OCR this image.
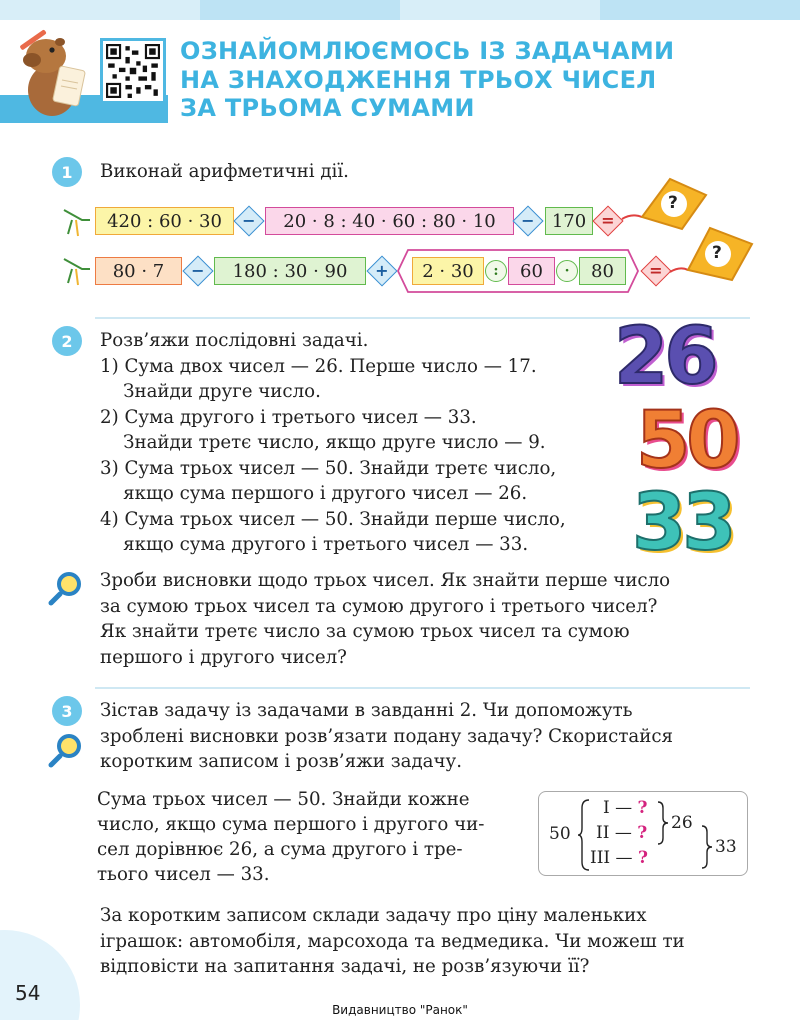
ОЗНАЙОМЛЮЄМОСЬ ІЗ ЗАДАЧАМИ
НА ЗНАХОДЖЕННЯ ТРЬОХ ЧИСЕЛ
ЗА ТРЬОМА СУМАМИ
1	Виконай арифметичні дії.
420 : 60 · 30	−	20 · 8 : 40 · 60 : 80 · 10	− 170 =
?
80 · 7	−	180 : 30 · 90	+	2 · 30	:	60	·	80	=
?
2	Розв’яжи послідовні задачі.
1) Сума двох чисел — 26. Перше число — 17.
Знайди друге число.
2) Сума другого і третього чисел — 33.
Знайди третє число, якщо друге число — 9.
3) Сума трьох чисел — 50. Знайди третє число,
якщо сума першого і другого чисел — 26.
4) Сума трьох чисел — 50. Знайди перше число,
якщо сума другого і третього чисел — 33.
26
50
33
Зроби висновки щодо трьох чисел. Як знайти перше число
за сумою трьох чисел та сумою другого і третього чисел?
Як знайти третє число за сумою трьох чисел та сумою
першого і другого чисел?
3	Зістав задачу із задачами в завданні 2. Чи допоможуть
зроблені висновки розв’язати подану задачу? Скористайся
коротким записом і розв’яжи задачу.
Сума трьох чисел — 50. Знайди кожне
число, якщо сума першого і другого чи-
сел дорівнює 26, а сума другого і тре-
тього чисел — 33.
50
I — ?
II — ?
III — ?
26
33
За коротким записом склади задачу про ціну маленьких
іграшок: автомобіля, марсохода та ведмедика. Чи можеш ти
відповісти на запитання задачі, не розв’язуючи її?
54
Видавництво "Ранок"
